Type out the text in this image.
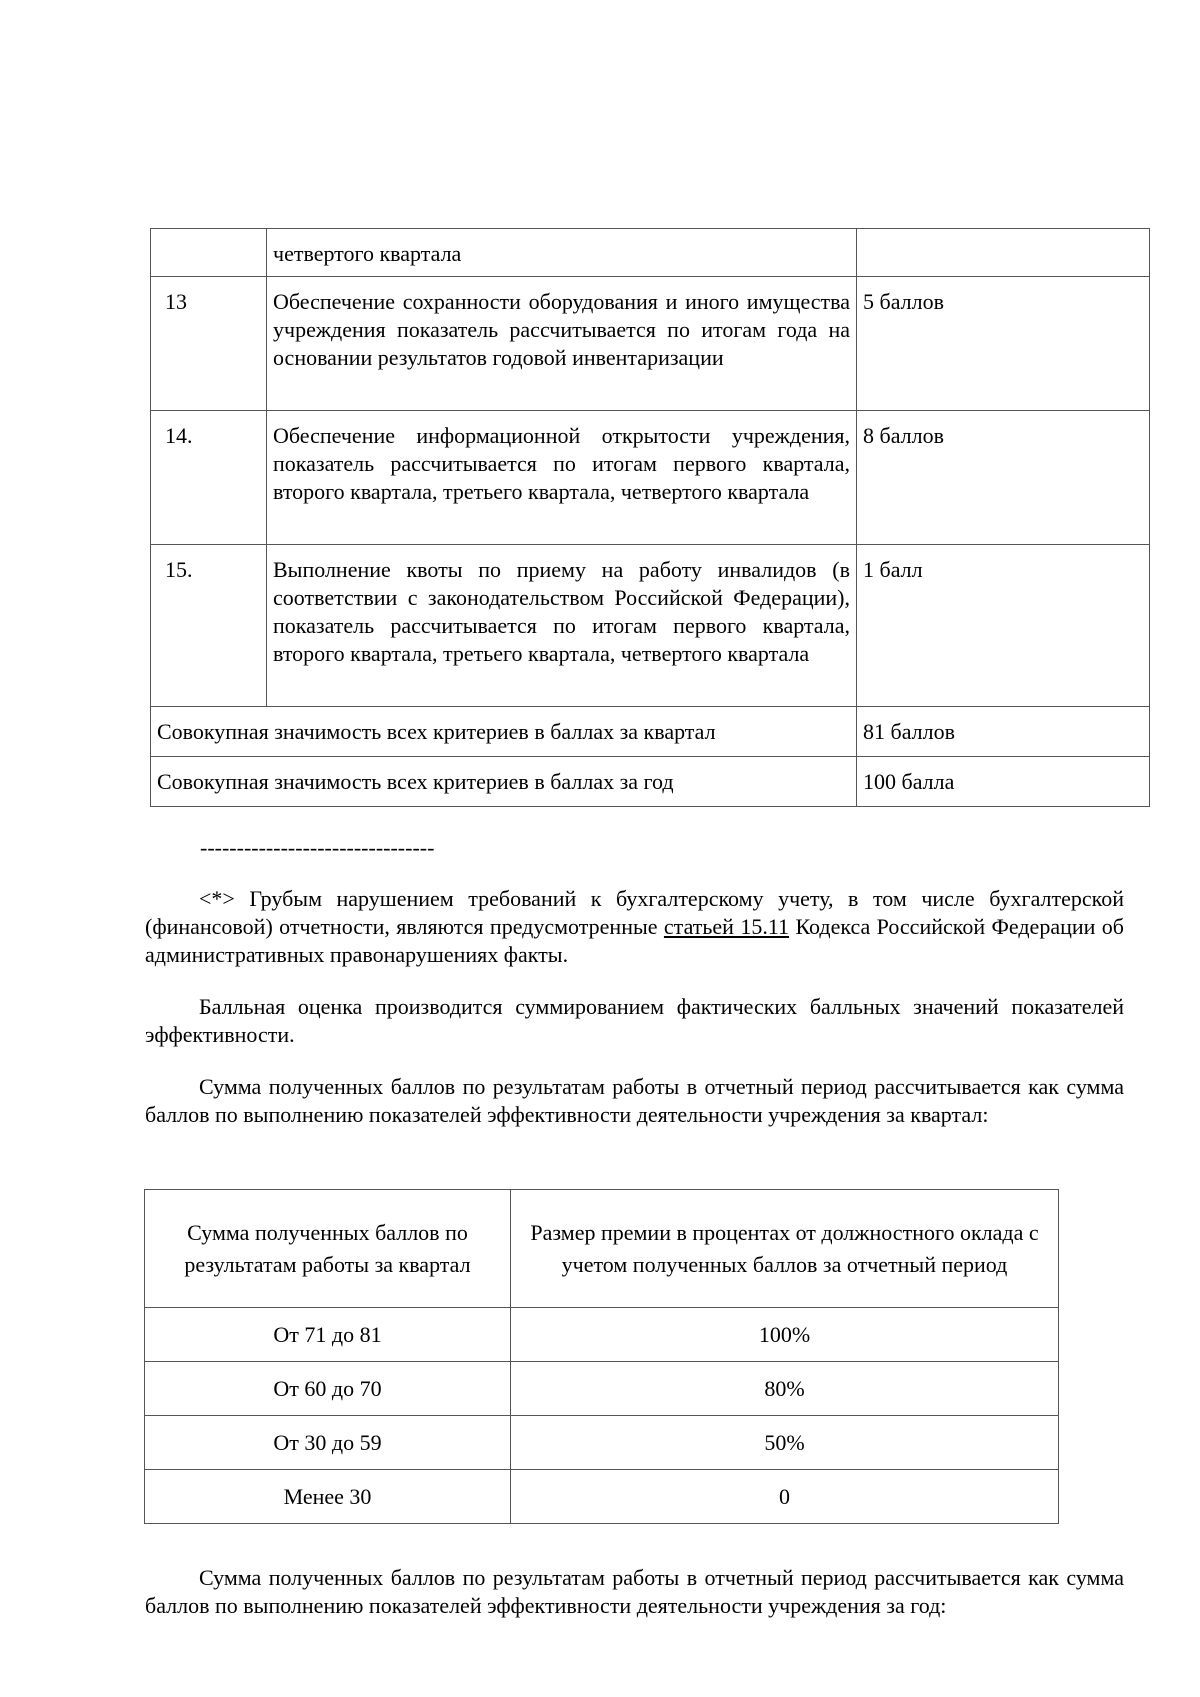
	четвертого квартала	
13	Обеспечение сохранности оборудования и иного имущества учреждения показатель рассчитывается по итогам года на основании результатов годовой инвентаризации	5 баллов
14.	Обеспечение информационной открытости учреждения, показатель рассчитывается по итогам первого квартала, второго квартала, третьего квартала, четвертого квартала	8 баллов
15.	Выполнение квоты по приему на работу инвалидов (в соответствии с законодательством Российской Федерации), показатель рассчитывается по итогам первого квартала, второго квартала, третьего квартала, четвертого квартала	1 балл
Совокупная значимость всех критериев в баллах за квартал		81 баллов
Совокупная значимость всех критериев в баллах за год		100 балла
--------------------------------

<*> Грубым нарушением требований к бухгалтерскому учету, в том числе бухгалтерской (финансовой) отчетности, являются предусмотренные статьей 15.11 Кодекса Российской Федерации об административных правонарушениях факты.

Балльная оценка производится суммированием фактических балльных значений показателей эффективности.

Сумма полученных баллов по результатам работы в отчетный период рассчитывается как сумма баллов по выполнению показателей эффективности деятельности учреждения за квартал:

Сумма полученных баллов по результатам работы за квартал	Размер премии в процентах от должностного оклада с учетом полученных баллов за отчетный период
От 71 до 81	100%
От 60 до 70	80%
От 30 до 59	50%
Менее 30	0

Сумма полученных баллов по результатам работы в отчетный период рассчитывается как сумма баллов по выполнению показателей эффективности деятельности учреждения за год:
